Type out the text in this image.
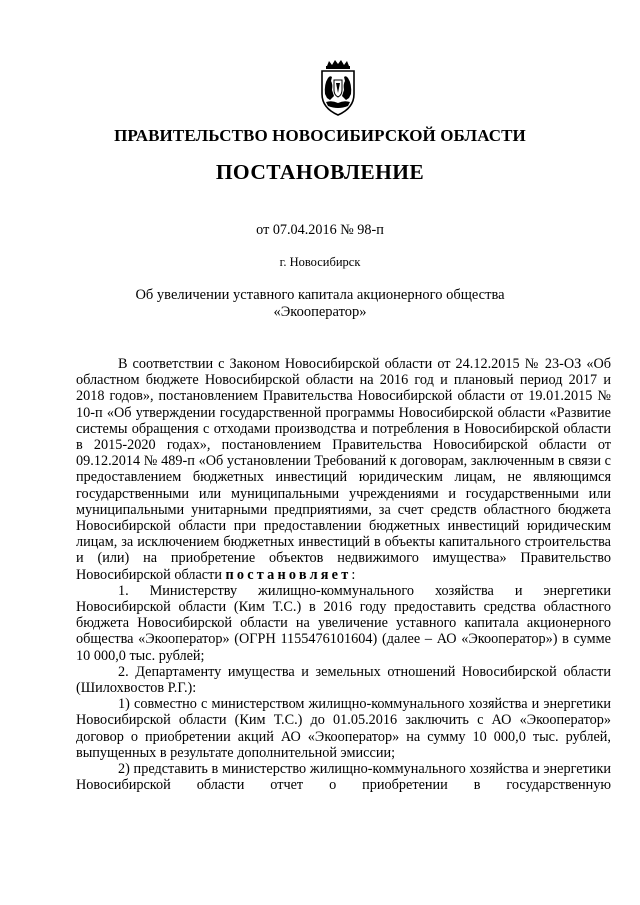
ПРАВИТЕЛЬСТВО НОВОСИБИРСКОЙ ОБЛАСТИ
ПОСТАНОВЛЕНИЕ
от 07.04.2016 № 98-п
г. Новосибирск
Об увеличении уставного капитала акционерного общества
«Экооператор»

В соответствии с Законом Новосибирской области от 24.12.2015 № 23-ОЗ «Об областном бюджете Новосибирской области на 2016 год и плановый период 2017 и 2018 годов», постановлением Правительства Новосибирской области от 19.01.2015 № 10-п «Об утверждении государственной программы Новосибирской области «Развитие системы обращения с отходами производства и потребления в Новосибирской области в 2015-2020 годах», постановлением Правительства Новосибирской области от 09.12.2014 № 489-п «Об установлении Требований к договорам, заключенным в связи с предоставлением бюджетных инвестиций юридическим лицам, не являющимся государственными или муниципальными учреждениями и государственными или муниципальными унитарными предприятиями, за счет средств областного бюджета Новосибирской области при предоставлении бюджетных инвестиций юридическим лицам, за исключением бюджетных инвестиций в объекты капитального строительства и (или) на приобретение объектов недвижимого имущества» Правительство Новосибирской области постановляет:

1. Министерству жилищно-коммунального хозяйства и энергетики Новосибирской области (Ким Т.С.) в 2016 году предоставить средства областного бюджета Новосибирской области на увеличение уставного капитала акционерного общества «Экооператор» (ОГРН 1155476101604) (далее – АО «Экооператор») в сумме 10 000,0 тыс. рублей;

2. Департаменту имущества и земельных отношений Новосибирской области (Шилохвостов Р.Г.):

1) совместно с министерством жилищно-коммунального хозяйства и энергетики Новосибирской области (Ким Т.С.) до 01.05.2016 заключить с АО «Экооператор» договор о приобретении акций АО «Экооператор» на сумму 10 000,0 тыс. рублей, выпущенных в результате дополнительной эмиссии;

2) представить в министерство жилищно-коммунального хозяйства и энергетики Новосибирской области отчет о приобретении в государственную
